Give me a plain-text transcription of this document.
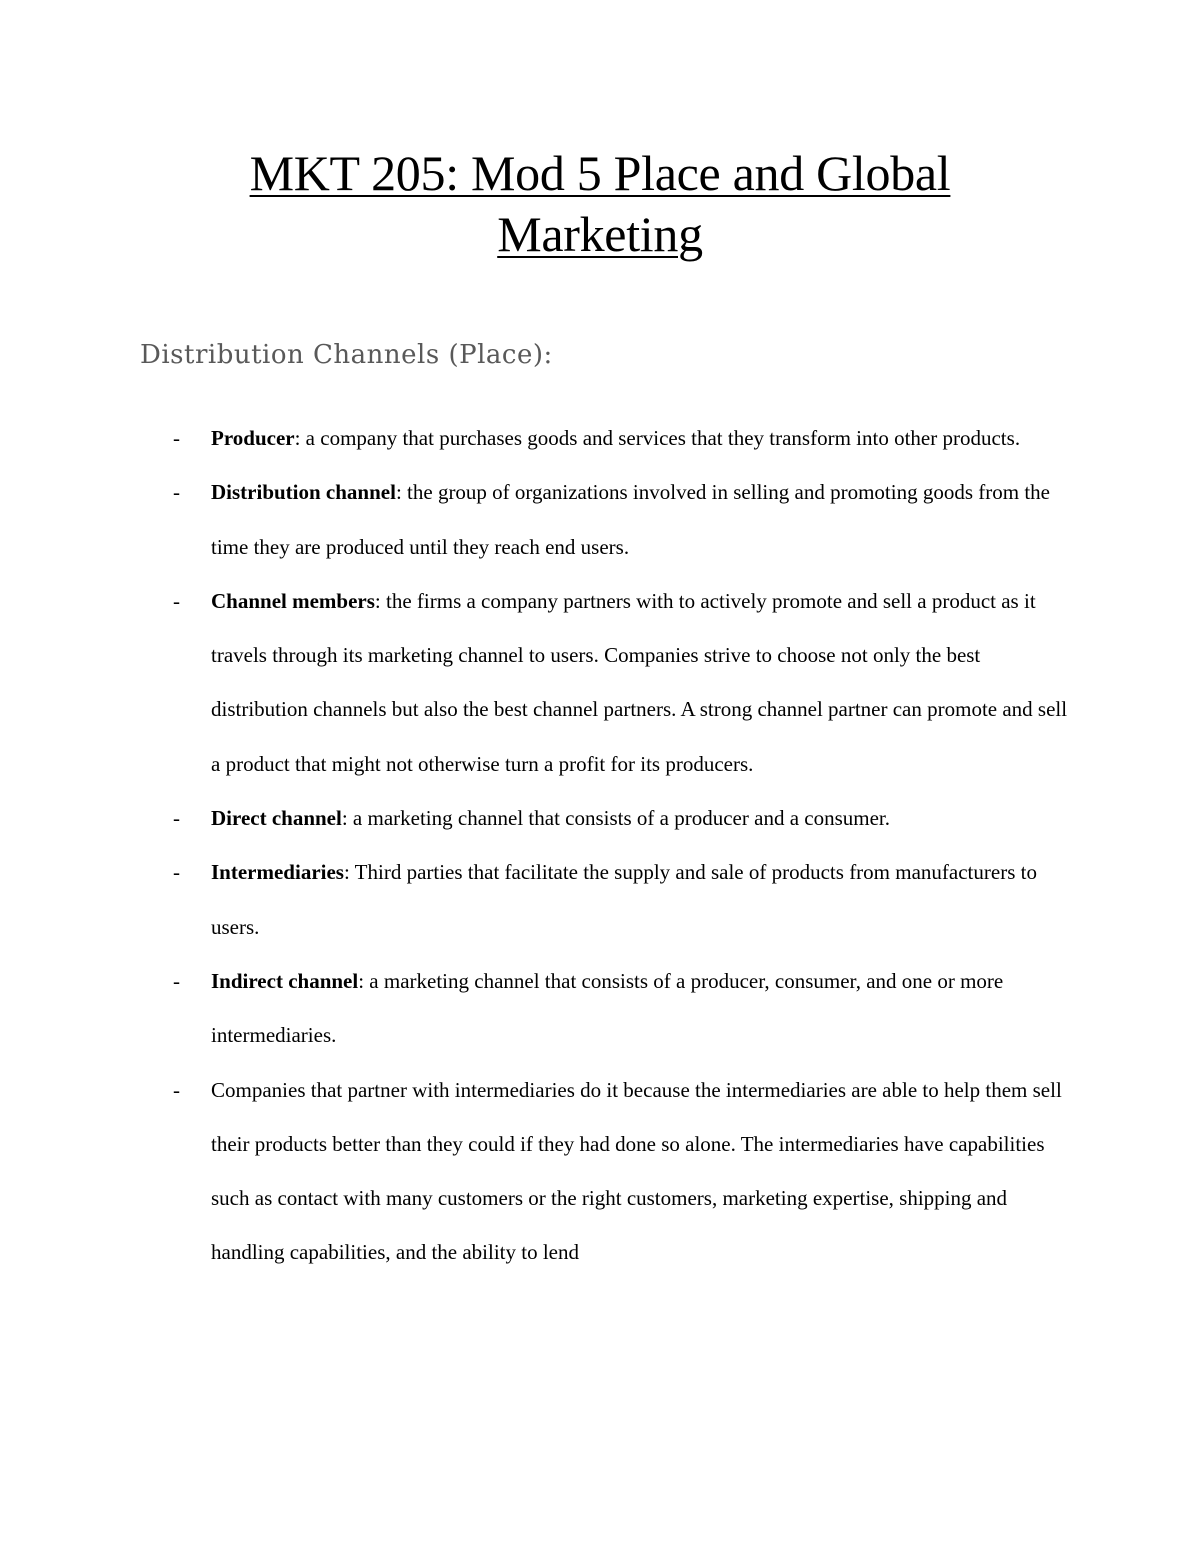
MKT 205: Mod 5 Place and Global
Marketing
Distribution Channels (Place):
- Producer: a company that purchases goods and services that they transform into other products.
- Distribution channel: the group of organizations involved in selling and promoting goods from the time they are produced until they reach end users.
- Channel members: the firms a company partners with to actively promote and sell a product as it travels through its marketing channel to users. Companies strive to choose not only the best distribution channels but also the best channel partners. A strong channel partner can promote and sell a product that might not otherwise turn a profit for its producers.
- Direct channel: a marketing channel that consists of a producer and a consumer.
- Intermediaries: Third parties that facilitate the supply and sale of products from manufacturers to users.
- Indirect channel: a marketing channel that consists of a producer, consumer, and one or more intermediaries.
- Companies that partner with intermediaries do it because the intermediaries are able to help them sell their products better than they could if they had done so alone. The intermediaries have capabilities such as contact with many customers or the right customers, marketing expertise, shipping and handling capabilities, and the ability to lend
